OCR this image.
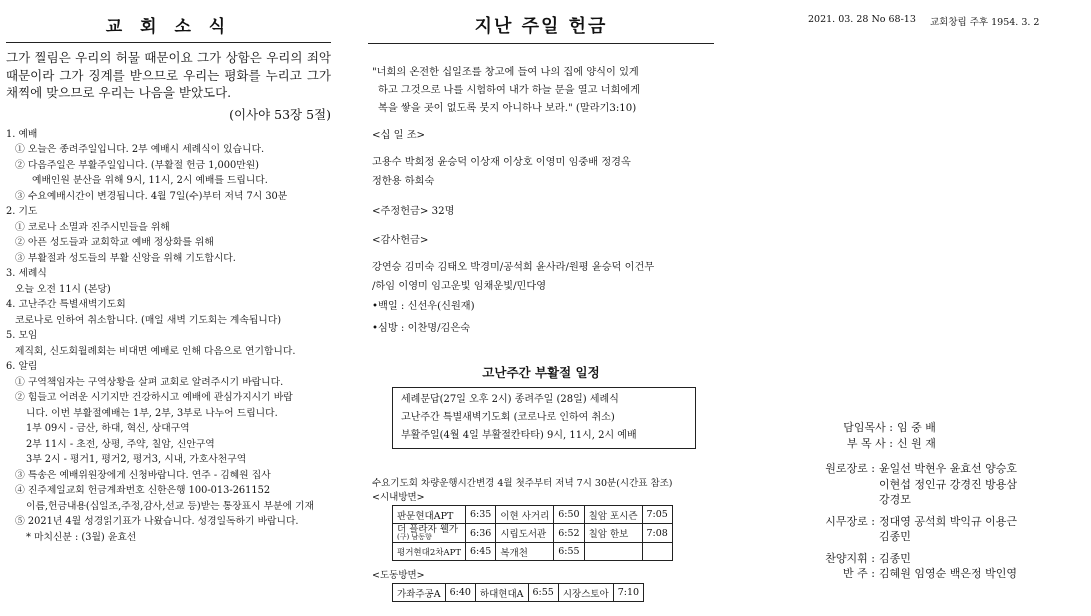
교 회 소 식
그가 찔림은 우리의 허물 때문이요 그가 상함은 우리의 죄악 때문이라 그가 징계를 받으므로 우리는 평화를 누리고 그가 채찍에 맞으므로 우리는 나음을 받았도다.
(이사야 53장 5절)
1. 예배
① 오늘은 종려주일입니다. 2부 예배시 세례식이 있습니다.
② 다음주일은 부활주일입니다. (부활절 헌금 1,000만원)
예배인원 분산을 위해 9시, 11시, 2시 예배를 드립니다.
③ 수요예배시간이 변경됩니다. 4월 7일(수)부터 저녁 7시 30분
2. 기도
① 코로나 소멸과 진주시민들을 위해
② 아픈 성도들과 교회학교 예배 정상화를 위해
③ 부활절과 성도들의 부활 신앙을 위해 기도합시다.
3. 세례식
오늘 오전 11시 (본당)
4. 고난주간 특별새벽기도회
코로나로 인하여 취소합니다. (매일 새벽 기도회는 계속됩니다)
5. 모임
제직회, 신도회월례회는 비대면 예배로 인해 다음으로 연기합니다.
6. 알림
① 구역책임자는 구역상황을 살펴 교회로 알려주시기 바랍니다.
② 힘들고 어려운 시기지만 건강하시고 예배에 관심가지시기 바랍
니다. 이번 부활절예배는 1부, 2부, 3부로 나누어 드립니다.
1부 09시 - 금산, 하대, 혁신, 상대구역
2부 11시 - 초전, 상평, 주약, 칠암, 신안구역
3부 2시 - 평거1, 평거2, 평거3, 시내, 가호사천구역
③ 특송은 예배위원장에게 신청바랍니다. 연주 - 김혜원 집사
④ 진주제일교회 헌금계좌번호 신한은행 100-013-261152
이름,헌금내용(십일조,주정,감사,선교 등)받는 통장표시 부분에 기재
⑤ 2021년 4월 성경읽기표가 나왔습니다. 성경일독하기 바랍니다.
* 마치신분 : (3월) 윤효선
지난 주일 헌금
"너희의 온전한 십일조를 창고에 들여 나의 집에 양식이 있게
하고 그것으로 나를 시험하여 내가 하늘 문을 열고 너희에게
복을 쌓을 곳이 없도록 붓지 아니하나 보라." (말라기3:10)
<십 일 조>
고용수 박희정 윤승덕 이상재 이상호 이영미 임중배 정경옥
정한용 하희숙
<주정헌금> 32명
<감사헌금>
강연승 김미숙 김태오 박경미/공석희 윤사라/원평 윤승덕 이건무
/하임 이영미 임고운빛 임채운빛/민다영
•백일 : 신선우(신원재)
•심방 : 이찬명/김은숙
고난주간 부활절 일정
세례문답(27일 오후 2시) 종려주일 (28일) 세례식
고난주간 특별새벽기도회 (코로나로 인하여 취소)
부활주일(4월 4일 부활절칸타타) 9시, 11시, 2시 예배
수요기도회 차량운행시간변경 4월 첫주부터 저녁 7시 30분(시간표 참조)
<시내방면>
판문현대APT	6:35	이현 사거리	6:50	칠암 포시즌	7:05
더 플라자 웰가
(구) 남동향	6:36	시립도서관	6:52	칠암 한보	7:08
평거현대2차APT	6:45	복개천	6:55		
<도동방면>
가좌주공A	6:40	하대현대A	6:55	시장스토아	7:10
2021. 03. 28 No 68-13 교회창립 주후 1954. 3. 2
담임목사 : 임 중 배
부 목 사 : 신 원 재
원로장로 : 윤일선 박현우 윤효선 양승호
이현섭 정인규 강경진 방용삼
강경모
시무장로 : 정대영 공석희 박익규 이용근
김종민
찬양지휘 : 김종민
반 주 : 김혜원 임영순 백은정 박인영
